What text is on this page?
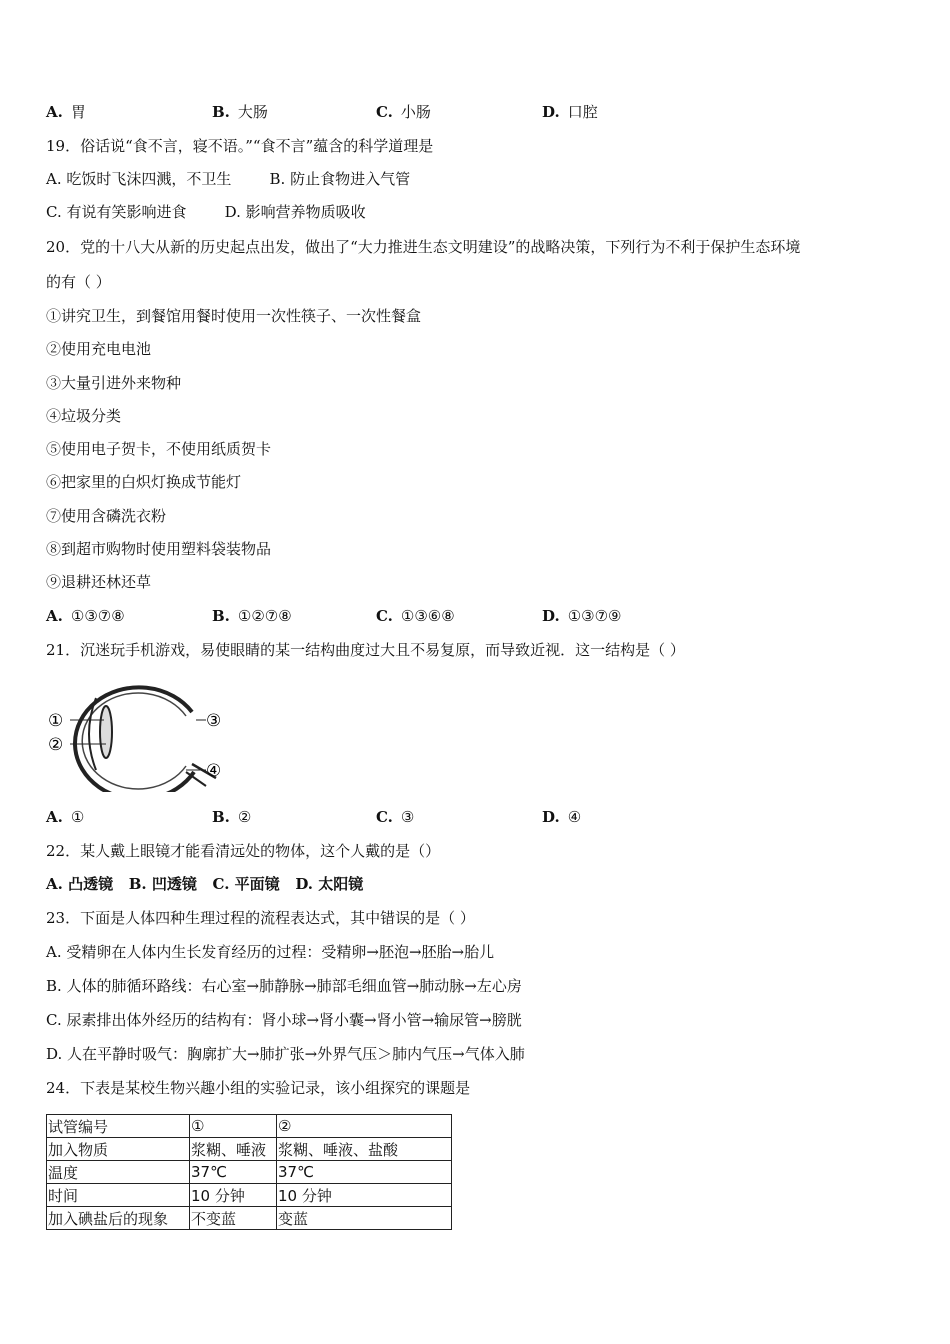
A. 胃	B. 大肠	C. 小肠	D. 口腔
19．俗话说“食不言，寝不语。”“食不言”蕴含的科学道理是
A. 吃饭时飞沫四溅，不卫生        B. 防止食物进入气管
C. 有说有笑影响进食        D. 影响营养物质吸收
20．党的十八大从新的历史起点出发，做出了“大力推进生态文明建设”的战略决策，下列行为不利于保护生态环境
的有（ ）
①讲究卫生，到餐馆用餐时使用一次性筷子、一次性餐盒
②使用充电电池
③大量引进外来物种
④垃圾分类
⑤使用电子贺卡，不使用纸质贺卡
⑥把家里的白炽灯换成节能灯
⑦使用含磷洗衣粉
⑧到超市购物时使用塑料袋装物品
⑨退耕还林还草
A. ①③⑦⑧	B. ①②⑦⑧	C. ①③⑥⑧	D. ①③⑦⑨
21．沉迷玩手机游戏，易使眼睛的某一结构曲度过大且不易复原，而导致近视．这一结构是（ ）
①
②
③
④
A. ①	B. ②	C. ③	D. ④
22．某人戴上眼镜才能看清远处的物体，这个人戴的是（）
A. 凸透镜   B. 凹透镜   C. 平面镜   D. 太阳镜
23．下面是人体四种生理过程的流程表达式，其中错误的是（ ）
A. 受精卵在人体内生长发育经历的过程：受精卵→胚泡→胚胎→胎儿
B. 人体的肺循环路线：右心室→肺静脉→肺部毛细血管→肺动脉→左心房
C. 尿素排出体外经历的结构有：肾小球→肾小囊→肾小管→输尿管→膀胱
D. 人在平静时吸气：胸廓扩大→肺扩张→外界气压＞肺内气压→气体入肺
24．下表是某校生物兴趣小组的实验记录，该小组探究的课题是
试管编号	①	②
加入物质	浆糊、唾液	浆糊、唾液、盐酸
温度	37℃	37℃
时间	10 分钟	10 分钟
加入碘盐后的现象	不变蓝	变蓝
